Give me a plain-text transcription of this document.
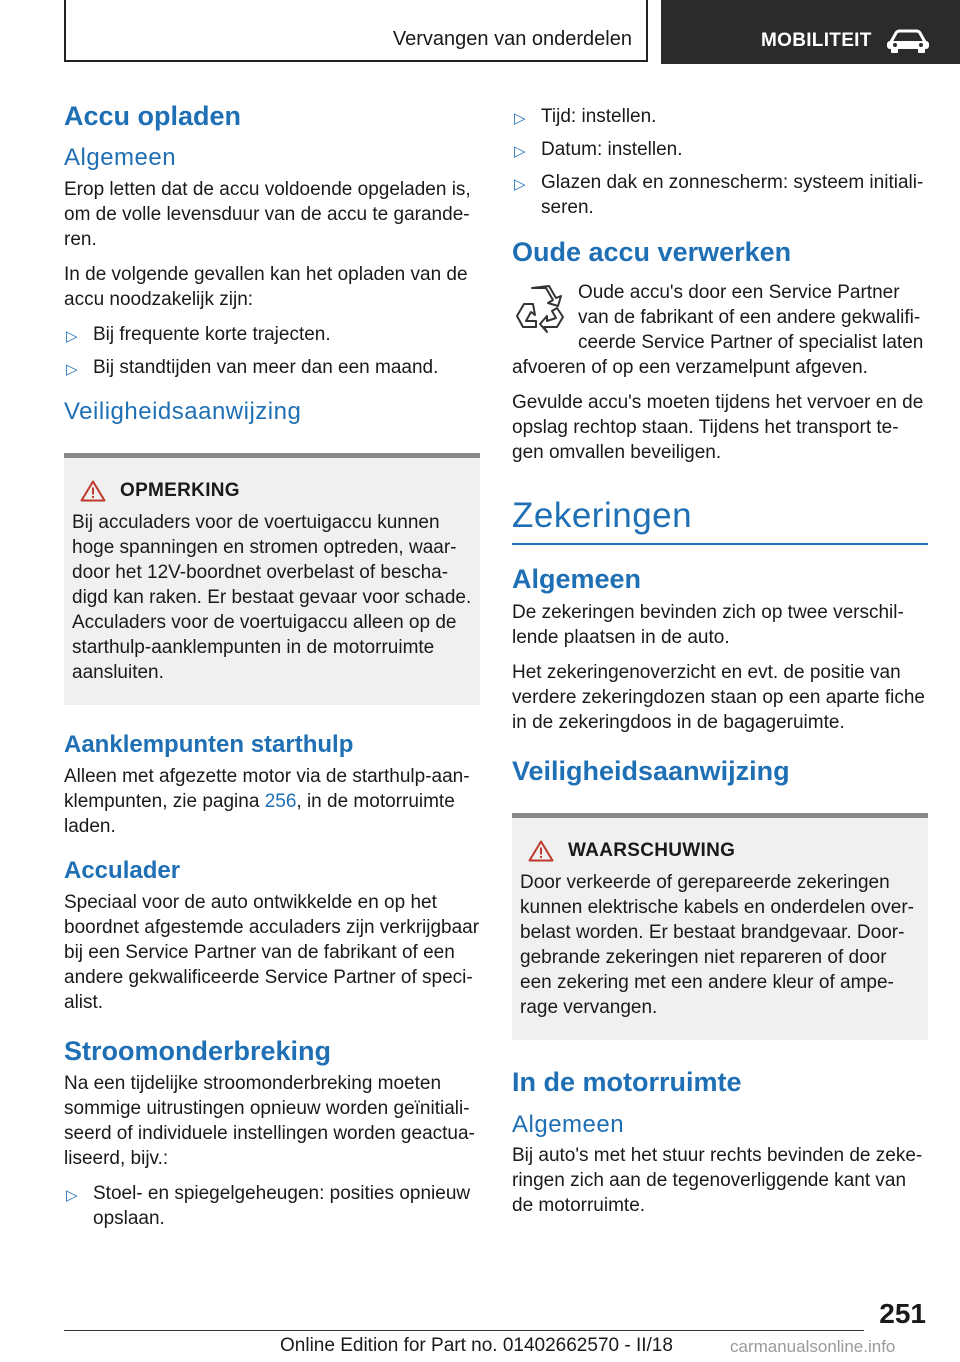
Vervangen van onderdelen	MOBILITEIT
Accu opladen
Algemeen

Erop letten dat de accu voldoende opgeladen is, om de volle levensduur van de accu te garande-ren.

In de volgende gevallen kan het opladen van de accu noodzakelijk zijn:

▷ Bij frequente korte trajecten.
▷ Bij standtijden van meer dan een maand.
Veiligheidsaanwijzing
OPMERKING

Bij acculaders voor de voertuigaccu kunnen hoge spanningen en stromen optreden, waar-door het 12V-boordnet overbelast of bescha-digd kan raken. Er bestaat gevaar voor schade. Acculaders voor de voertuigaccu alleen op de starthulp-aanklempunten in de motorruimte aansluiten.

Aanklempunten starthulp

Alleen met afgezette motor via de starthulp-aan-klempunten, zie pagina 256, in de motorruimte laden.

Acculader

Speciaal voor de auto ontwikkelde en op het boordnet afgestemde acculaders zijn verkrijgbaar bij een Service Partner van de fabrikant of een andere gekwalificeerde Service Partner of speci-alist.

Stroomonderbreking

Na een tijdelijke stroomonderbreking moeten sommige uitrustingen opnieuw worden geïnitiali-seerd of individuele instellingen worden geactua-liseerd, bijv.:

▷ Stoel- en spiegelgeheugen: posities opnieuw opslaan.
▷ Tijd: instellen.
▷ Datum: instellen.
▷ Glazen dak en zonnescherm: systeem initiali-seren.
Oude accu verwerken

Oude accu's door een Service Partner van de fabrikant of een andere gekwalifi-ceerde Service Partner of specialist laten afvoeren of op een verzamelpunt afgeven.

Gevulde accu's moeten tijdens het vervoer en de opslag rechtop staan. Tijdens het transport te-gen omvallen beveiligen.

Zekeringen
Algemeen

De zekeringen bevinden zich op twee verschil-lende plaatsen in de auto.

Het zekeringenoverzicht en evt. de positie van verdere zekeringdozen staan op een aparte fiche in de zekeringdoos in de bagageruimte.

Veiligheidsaanwijzing
WAARSCHUWING

Door verkeerde of gerepareerde zekeringen kunnen elektrische kabels en onderdelen over-belast worden. Er bestaat brandgevaar. Door-gebrande zekeringen niet repareren of door een zekering met een andere kleur of ampe-rage vervangen.

In de motorruimte
Algemeen

Bij auto's met het stuur rechts bevinden de zeke-ringen zich aan de tegenoverliggende kant van de motorruimte.

251
Online Edition for Part no. 01402662570 - II/18	carmanualsonline.info
